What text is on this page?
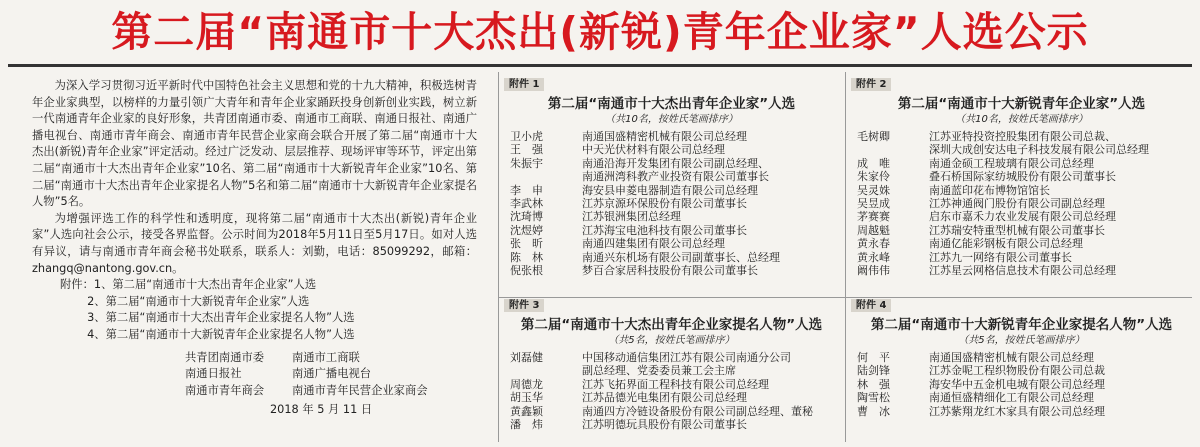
第二届“南通市十大杰出(新锐)青年企业家”人选公示

为深入学习贯彻习近平新时代中国特色社会主义思想和党的十九大精神，积极选树青年企业家典型，以榜样的力量引领广大青年和青年企业家踊跃投身创新创业实践，树立新一代南通青年企业家的良好形象，共青团南通市委、南通市工商联、南通日报社、南通广播电视台、南通市青年商会、南通市青年民营企业家商会联合开展了第二届“南通市十大杰出(新锐)青年企业家”评定活动。经过广泛发动、层层推荐、现场评审等环节，评定出第二届“南通市十大杰出青年企业家”10名、第二届“南通市十大新锐青年企业家”10名、第二届“南通市十大杰出青年企业家提名人物”5名和第二届“南通市十大新锐青年企业家提名人物”5名。

为增强评选工作的科学性和透明度，现将第二届“南通市十大杰出(新锐)青年企业家”人选向社会公示，接受各界监督。公示时间为2018年5月11日至5月17日。如对人选有异议，请与南通市青年商会秘书处联系，联系人：刘勤，电话：85099292，邮箱：zhangq@nantong.gov.cn。

附件：1、第二届“南通市十大杰出青年企业家”人选
2、第二届“南通市十大新锐青年企业家”人选
3、第二届“南通市十大杰出青年企业家提名人物”人选
4、第二届“南通市十大新锐青年企业家提名人物”人选
共青团南通市委	南通市工商联
南通日报社	南通广播电视台
南通市青年商会	南通市青年民营企业家商会
2018 年 5 月 11 日
附件 1
第二届“南通市十大杰出青年企业家”人选
（共10名，按姓氏笔画排序）
卫小虎	南通国盛精密机械有限公司总经理
王　强	中天光伏材料有限公司总经理
朱振宇	南通沿海开发集团有限公司副总经理、
南通洲湾科教产业投资有限公司董事长
李　申	海安县申菱电器制造有限公司总经理
李武林	江苏京源环保股份有限公司董事长
沈琦博	江苏银洲集团总经理
沈煜婷	江苏海宝电池科技有限公司董事长
张　昕	南通四建集团有限公司总经理
陈　林	南通兴东机场有限公司副董事长、总经理
倪张根	梦百合家居科技股份有限公司董事长
附件 2
第二届“南通市十大新锐青年企业家”人选
（共10名，按姓氏笔画排序）
毛树卿	江苏亚特投资控股集团有限公司总裁、
深圳大成创安达电子科技发展有限公司总经理
成　唯	南通金硕工程玻璃有限公司总经理
朱家伶	叠石桥国际家纺城股份有限公司董事长
吴灵姝	南通蓝印花布博物馆馆长
吴昱成	江苏神通阀门股份有限公司副总经理
茅赛赛	启东市嘉禾力农业发展有限公司总经理
周越魁	江苏瑞安特重型机械有限公司董事长
黄永春	南通亿能彩钢板有限公司总经理
黄永峰	江苏九一网络有限公司董事长
阚伟伟	江苏星云网格信息技术有限公司总经理
附件 3
第二届“南通市十大杰出青年企业家提名人物”人选
（共5名，按姓氏笔画排序）
刘磊健	中国移动通信集团江苏有限公司南通分公司
副总经理、党委委员兼工会主席
周德龙	江苏飞拓界面工程科技有限公司总经理
胡玉华	江苏品德光电集团有限公司总经理
黄鑫颖	南通四方冷链设备股份有限公司副总经理、董秘
潘　炜	江苏明德玩具股份有限公司董事长
附件 4
第二届“南通市十大新锐青年企业家提名人物”人选
（共5名，按姓氏笔画排序）
何　平	南通国盛精密机械有限公司总经理
陆剑锋	江苏金呢工程织物股份有限公司总裁
林　强	海安华中五金机电城有限公司总经理
陶雪松	南通恒盛精细化工有限公司总经理
曹　冰	江苏紫翔龙红木家具有限公司总经理
